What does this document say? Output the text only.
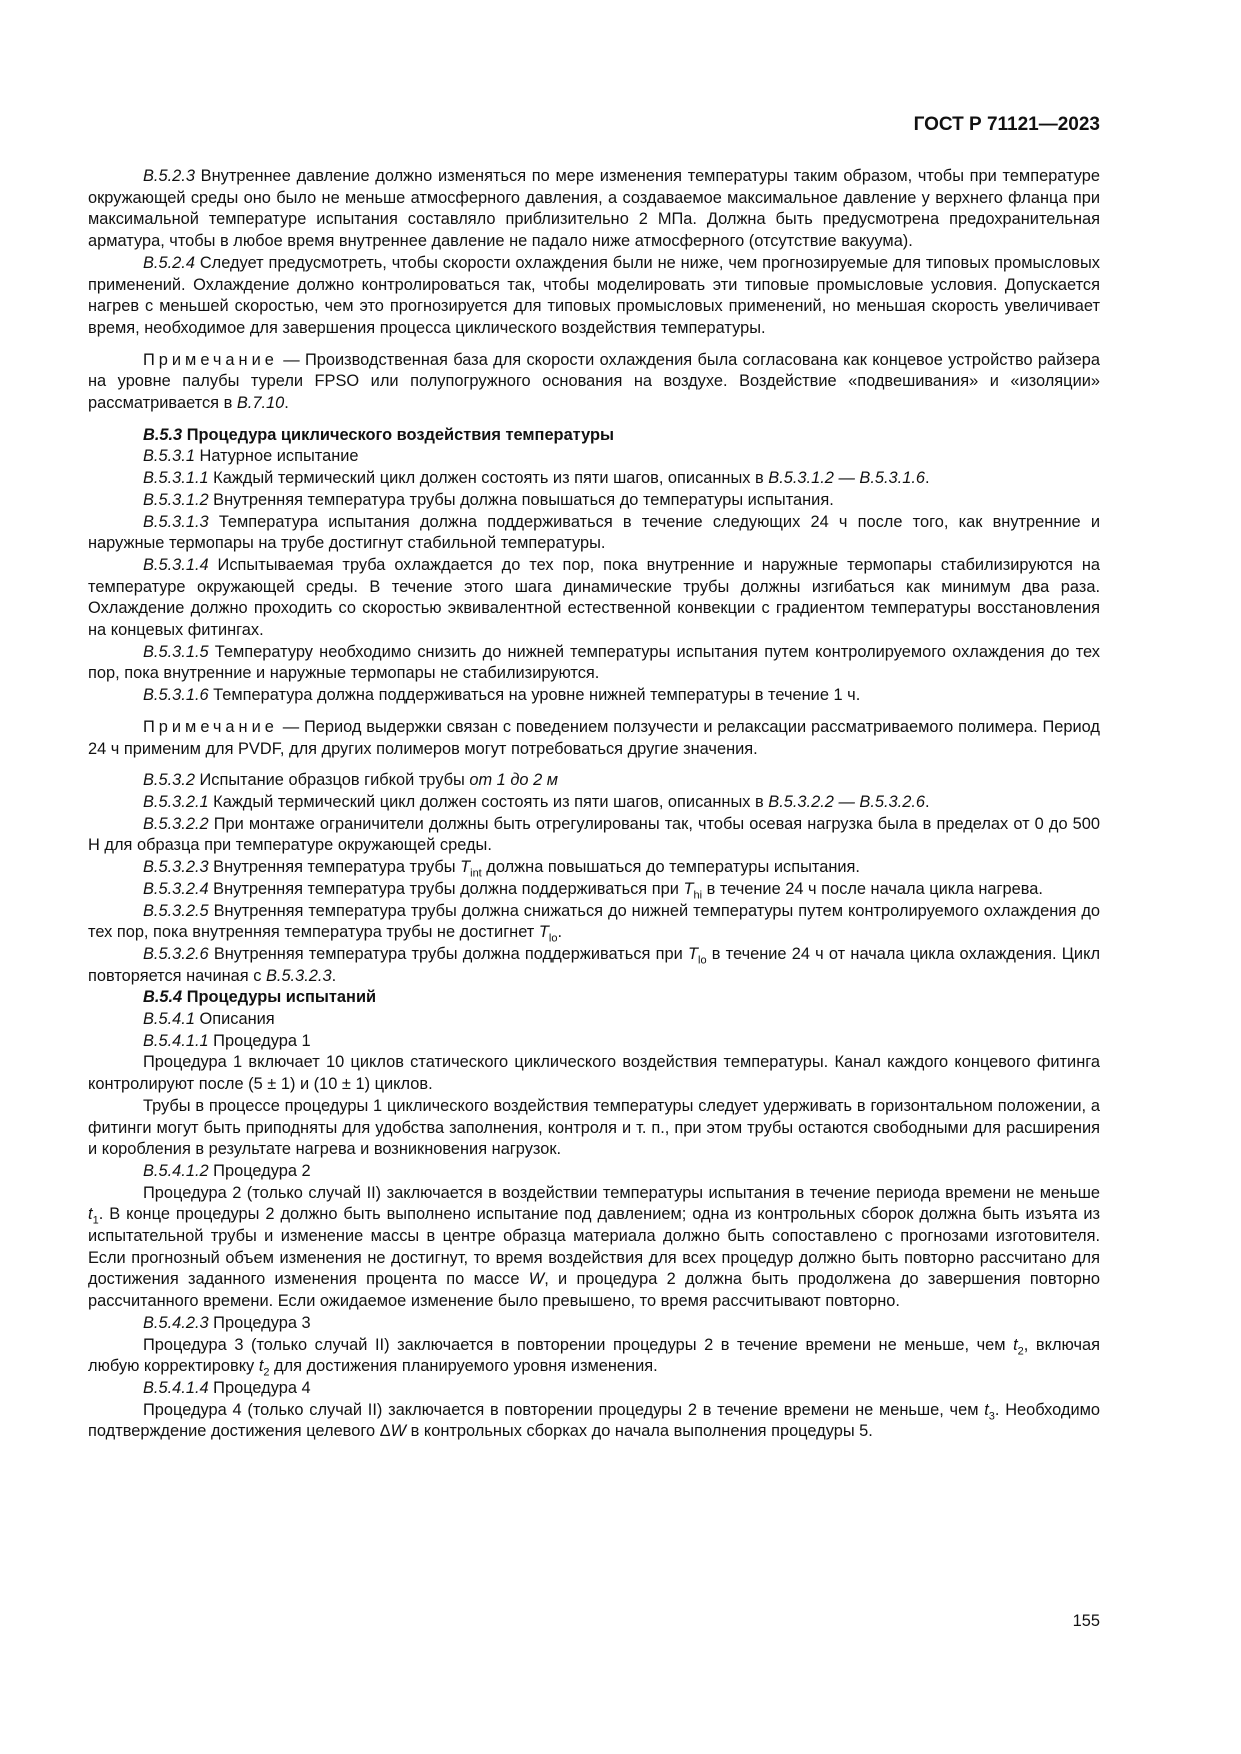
ГОСТ Р 71121—2023

В.5.2.3 Внутреннее давление должно изменяться по мере изменения температуры таким образом, чтобы при температуре окружающей среды оно было не меньше атмосферного давления, а создаваемое максимальное давление у верхнего фланца при максимальной температуре испытания составляло приблизительно 2 МПа. Должна быть предусмотрена предохранительная арматура, чтобы в любое время внутреннее давление не падало ниже атмосферного (отсутствие вакуума).

В.5.2.4 Следует предусмотреть, чтобы скорости охлаждения были не ниже, чем прогнозируемые для типовых промысловых применений. Охлаждение должно контролироваться так, чтобы моделировать эти типовые промысловые условия. Допускается нагрев с меньшей скоростью, чем это прогнозируется для типовых промысловых применений, но меньшая скорость увеличивает время, необходимое для завершения процесса циклического воздействия температуры.

Примечание — Производственная база для скорости охлаждения была согласована как концевое устройство райзера на уровне палубы турели FPSO или полупогружного основания на воздухе. Воздействие «подвешивания» и «изоляции» рассматривается в В.7.10.

В.5.3 Процедура циклического воздействия температуры

В.5.3.1 Натурное испытание

В.5.3.1.1 Каждый термический цикл должен состоять из пяти шагов, описанных в В.5.3.1.2 — В.5.3.1.6.

В.5.3.1.2 Внутренняя температура трубы должна повышаться до температуры испытания.

В.5.3.1.3 Температура испытания должна поддерживаться в течение следующих 24 ч после того, как внутренние и наружные термопары на трубе достигнут стабильной температуры.

В.5.3.1.4 Испытываемая труба охлаждается до тех пор, пока внутренние и наружные термопары стабилизируются на температуре окружающей среды. В течение этого шага динамические трубы должны изгибаться как минимум два раза. Охлаждение должно проходить со скоростью эквивалентной естественной конвекции с градиентом температуры восстановления на концевых фитингах.

В.5.3.1.5 Температуру необходимо снизить до нижней температуры испытания путем контролируемого охлаждения до тех пор, пока внутренние и наружные термопары не стабилизируются.

В.5.3.1.6 Температура должна поддерживаться на уровне нижней температуры в течение 1 ч.

Примечание — Период выдержки связан с поведением ползучести и релаксации рассматриваемого полимера. Период 24 ч применим для PVDF, для других полимеров могут потребоваться другие значения.

В.5.3.2 Испытание образцов гибкой трубы от 1 до 2 м

В.5.3.2.1 Каждый термический цикл должен состоять из пяти шагов, описанных в В.5.3.2.2 — В.5.3.2.6.

В.5.3.2.2 При монтаже ограничители должны быть отрегулированы так, чтобы осевая нагрузка была в пределах от 0 до 500 Н для образца при температуре окружающей среды.

В.5.3.2.3 Внутренняя температура трубы $T_{int}$ должна повышаться до температуры испытания.

В.5.3.2.4 Внутренняя температура трубы должна поддерживаться при $T_{hi}$ в течение 24 ч после начала цикла нагрева.

В.5.3.2.5 Внутренняя температура трубы должна снижаться до нижней температуры путем контролируемого охлаждения до тех пор, пока внутренняя температура трубы не достигнет $T_{lo}$.

В.5.3.2.6 Внутренняя температура трубы должна поддерживаться при $T_{lo}$ в течение 24 ч от начала цикла охлаждения. Цикл повторяется начиная с В.5.3.2.3.

В.5.4 Процедуры испытаний

В.5.4.1 Описания

В.5.4.1.1 Процедура 1

Процедура 1 включает 10 циклов статического циклического воздействия температуры. Канал каждого концевого фитинга контролируют после (5 ± 1) и (10 ± 1) циклов.

Трубы в процессе процедуры 1 циклического воздействия температуры следует удерживать в горизонтальном положении, а фитинги могут быть приподняты для удобства заполнения, контроля и т. п., при этом трубы остаются свободными для расширения и коробления в результате нагрева и возникновения нагрузок.

В.5.4.1.2 Процедура 2

Процедура 2 (только случай II) заключается в воздействии температуры испытания в течение периода времени не меньше $t_1$. В конце процедуры 2 должно быть выполнено испытание под давлением; одна из контрольных сборок должна быть изъята из испытательной трубы и изменение массы в центре образца материала должно быть сопоставлено с прогнозами изготовителя. Если прогнозный объем изменения не достигнут, то время воздействия для всех процедур должно быть повторно рассчитано для достижения заданного изменения процента по массе W, и процедура 2 должна быть продолжена до завершения повторно рассчитанного времени. Если ожидаемое изменение было превышено, то время рассчитывают повторно.

В.5.4.2.3 Процедура 3

Процедура 3 (только случай II) заключается в повторении процедуры 2 в течение времени не меньше, чем $t_2$, включая любую корректировку $t_2$ для достижения планируемого уровня изменения.

В.5.4.1.4 Процедура 4

Процедура 4 (только случай II) заключается в повторении процедуры 2 в течение времени не меньше, чем $t_3$. Необходимо подтверждение достижения целевого ΔW в контрольных сборках до начала выполнения процедуры 5.

155
